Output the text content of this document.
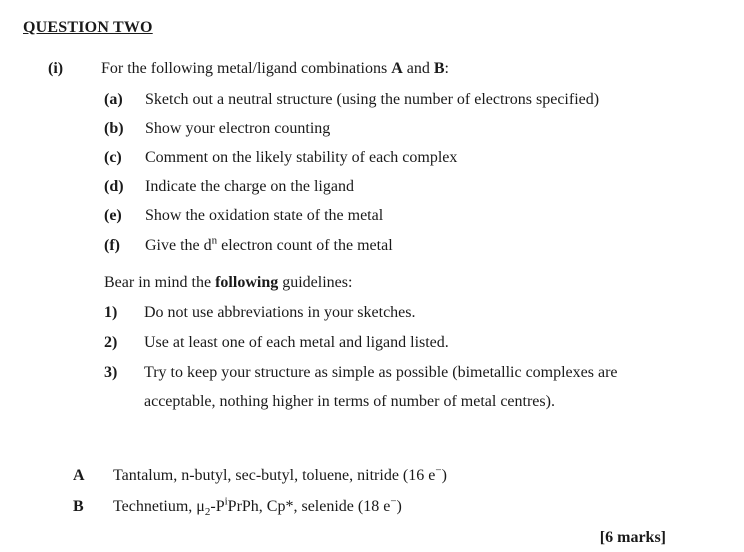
QUESTION TWO
(i) For the following metal/ligand combinations A and B:
(a) Sketch out a neutral structure (using the number of electrons specified)
(b) Show your electron counting
(c) Comment on the likely stability of each complex
(d) Indicate the charge on the ligand
(e) Show the oxidation state of the metal
(f) Give the $d^n$ electron count of the metal
Bear in mind the following guidelines:
1) Do not use abbreviations in your sketches.
2) Use at least one of each metal and ligand listed.
3) Try to keep your structure as simple as possible (bimetallic complexes are
acceptable, nothing higher in terms of number of metal centres).
A Tantalum, n-butyl, sec-butyl, toluene, nitride (16 e−)
B Technetium, $\mu_2-P^iPrPh$, Cp*, selenide (18 e−)
[6 marks]
